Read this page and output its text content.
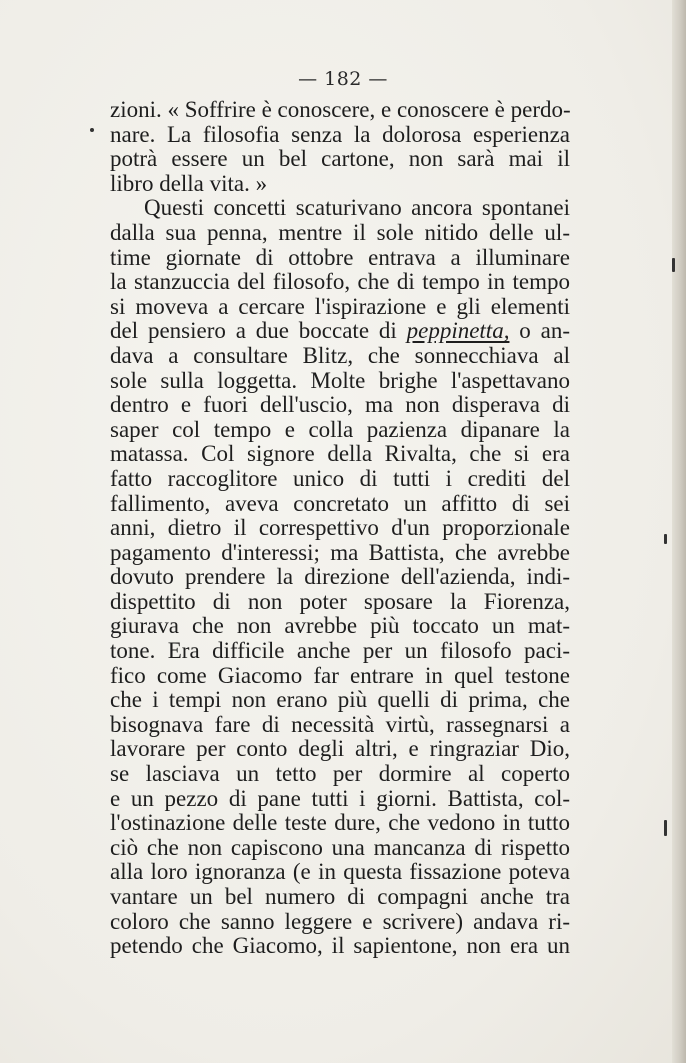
— 182 —
zioni. « Soffrire è conoscere, e conoscere è perdo-
nare. La filosofia senza la dolorosa esperienza
potrà essere un bel cartone, non sarà mai il
libro della vita. »
Questi concetti scaturivano ancora spontanei
dalla sua penna, mentre il sole nitido delle ul-
time giornate di ottobre entrava a illuminare
la stanzuccia del filosofo, che di tempo in tempo
si moveva a cercare l'ispirazione e gli elementi
del pensiero a due boccate di peppinetta, o an-
dava a consultare Blitz, che sonnecchiava al
sole sulla loggetta. Molte brighe l'aspettavano
dentro e fuori dell'uscio, ma non disperava di
saper col tempo e colla pazienza dipanare la
matassa. Col signore della Rivalta, che si era
fatto raccoglitore unico di tutti i crediti del
fallimento, aveva concretato un affitto di sei
anni, dietro il correspettivo d'un proporzionale
pagamento d'interessi; ma Battista, che avrebbe
dovuto prendere la direzione dell'azienda, indi-
dispettito di non poter sposare la Fiorenza,
giurava che non avrebbe più toccato un mat-
tone. Era difficile anche per un filosofo paci-
fico come Giacomo far entrare in quel testone
che i tempi non erano più quelli di prima, che
bisognava fare di necessità virtù, rassegnarsi a
lavorare per conto degli altri, e ringraziar Dio,
se lasciava un tetto per dormire al coperto
e un pezzo di pane tutti i giorni. Battista, col-
l'ostinazione delle teste dure, che vedono in tutto
ciò che non capiscono una mancanza di rispetto
alla loro ignoranza (e in questa fissazione poteva
vantare un bel numero di compagni anche tra
coloro che sanno leggere e scrivere) andava ri-
petendo che Giacomo, il sapientone, non era un
